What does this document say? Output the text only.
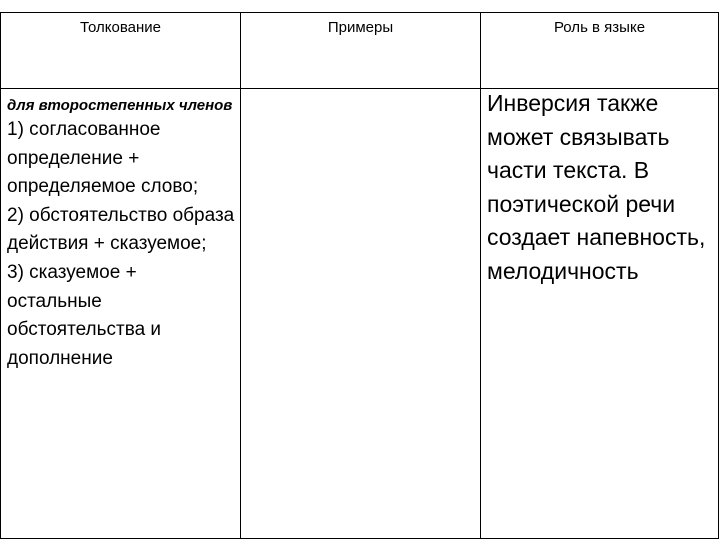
Толкование	Примеры	Роль в языке

для второстепенных членов
1) согласованное определение + определяемое слово;
2) обстоятельство образа действия + сказуемое;
3) сказуемое + остальные обстоятельства и дополнение		Инверсия также может связывать части текста. В поэтической речи создает напевность, мелодичность
